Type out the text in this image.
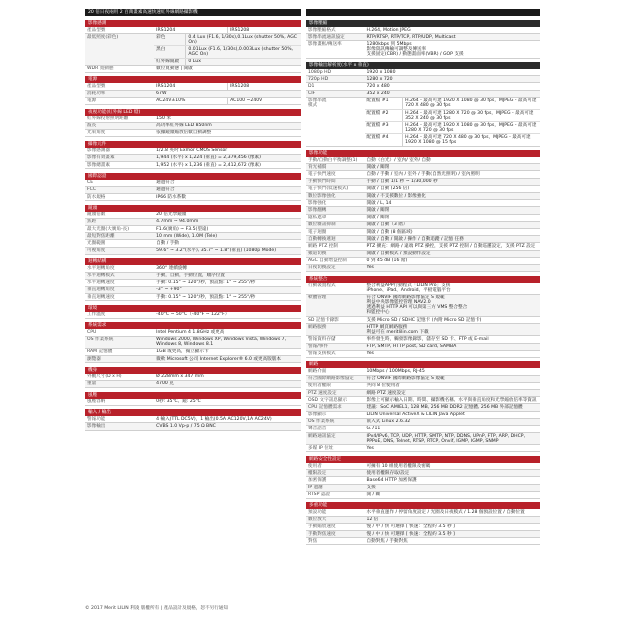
20 倍日夜兩用 2 百萬畫素高速快速紅外線網路攝影機
影像感測
產品型號	IRS1204	IRS1208
最低照度(彩色)	彩色	0.4 Lux (F1.6, 1/30s),0.1Lux (shutter 50%, AGC On)
黑白	0.01Lux (F1.6, 1/30s),0.003Lux (shutter 50%, AGC On)
紅外線開啟	0 Lux
WDR 寬動態	數位寬動態 | 開啟
電源
產品型號	IRS1204	IRS1208
消耗功率	67W
電源	AC24V±10%	AC100 ~240V
夜視功能(紅外線 LED 燈)
紅外線投射照明距離	150 米
波長	高功率紅外線 LED 850nm
光束角度	依據鏡頭縮放倍數自動調整
攝像元件
影像感測器	1/2.8 英吋 Exmor CMOS Sensor
影像有效畫素	1,944 (水平) x 1,224 (垂直) = 2,379,456 (像素)
影像總畫素	1,952 (水平) x 1,236 (垂直) = 2,412,672 (像素)
國際認證
CE	通過符合
FCC	通過符合
防水規格	IP66 防水系數
鏡頭
鏡頭倍數	20 倍光學鏡頭
焦距	4.7mm ~ 94.0mm
最大光圈(大廣角-長)	F1.6(廣角) ~ F3.5(望遠)
最短對焦距離	10 mm (Wide), 1.0M (Tele)
光圈範圍	自動 / 手動
可視角度	59.6° ~ 3.2°(水平), 35.7° ~ 1.8°(垂直) (1080p Mode)
迴轉結構
水平迴轉角度	360° 連續旋轉
水平迴轉模式	手動，自動，手動位置，順序位置
水平迴轉速度	手動: 0.15° ~ 120°/秒，預設點: 1° ~ 255°/秒
垂直迴轉角度	-3° ~ +90°
垂直迴轉速度	手動: 0.15° ~ 120°/秒，預設點: 1° ~ 255°/秒
環境
工作溫度	-40°C ~ 50°C（-40°F ~ 122°F）
系統需求
CPU	Intel Pentium 4 1.8GHz 或更高
OS 作業系統	Windows 2000, Windows XP, Windows Vista, Windows 7, Windows 8, Windows 8.1
RAM 記憶體	1GB 或更高，獨立顯示卡
瀏覽器	微軟 Microsoft 公司 Internet Explorer® 6.0 或更高版版本
機身
外觀尺寸(D x H)	Ø 228mm x 347 mm
重量	4700 克
風壓
風壓容納	0秒: 35℃、鏡: 25℃
輸入 / 輸出
警報功能	4 輸入(TTL DC5V)，1 輸出(0.5A AC120V,1A AC24V)
影像輸出	CVBS 1.0 Vp-p / 75 Ω BNC
影像壓縮
影像壓縮格式	H.264, Motion JPEG
影像串流通訊協定	RTP/RTSP, RTP/TCP, RTP/UDP, Multicast
影像畫框/傳送率	1280kbps 到 5Mbps
影像資訊傳輸可調整及傳送率
支援固定(CBR) / 動態畫面率(VBR) / GOP 支援
影像輸出解析度(水平 x 垂直)
1080p HD	1920 x 1080
720p HD	1280 x 720
D1	720 x 480
CIF	352 x 240
影像串流
模式
配置檔 #1	H.264 - 最高可達 1920 X 1080 @ 30 fps，MJPEG - 最高可達 720 X 480 @ 30 fps
配置檔 #2	H.264 - 最高可達 1280 X 720 @ 30 fps，MJPEG - 最高可達 352 X 240 @ 30 fps
配置檔 #3	H.264 - 最高可達 1920 X 1080 @ 30 fps，MJPEG - 最高可達 1280 X 720 @ 30 fps
配置檔 #4	H.264 - 最高可達 720 X 480 @ 30 fps，MJPEG - 最高可達 1920 X 1080 @ 15 fps
影像功能
手動/自動白平衡調整(1)	自動（白光）/ 室內/ 室外/ 自動
背光補償	開啟 / 關閉
電子快門速度	自動 / 手動 / 室內 / 室外 / 手動(自然光照明) / 室內照明
手動快門時間	手動 / 自動 1/1 秒 ~ 1/30,000 秒
電子快門(低速模式)	開啟 / 自動 (256 倍)
數位影像強化	開啟 / 不支援數位 / 影像強化
影像強化	開啟 / L, 14
影像翻轉	開啟 / 關閉
隱私遮罩	開啟 / 關閉
數位雜訊抑制	開啟 / 自動（3 階）
電子迴圈	開啟 / 自動 (8 個區域)
自動轉換遞迴	開啟 / 自動 / 開啟 / 操作 / 自動追蹤 / 記憶 任務
網路 PTZ 控制	PTZ 擴充：網路 / 遠端 PTZ 操控，支援 PTZ 控制 / 自動巡邏設定，支援 PTZ 設定
頻道切換	開啟 / 自動模式 / 預設動作設定
AGC 自動增益控制	0 到 45 dB (16 階)
日夜切換設定	Yes
系統整合
行動裝置程式	整合利益APP行動程式「LILIN Pro」支援
iPhone、iPad、Android、平板電腦平台
軟體管理	符合 ONVIF 國際網路影像協定 S 規範
利益中央影像監控管理 NAV2.0
透過利益 HTTP API 可以與第三方 VMS 整合整合
和監控中心
SD 記憶卡錄影	支援 Micro SD / SDHC 記憶卡 (內附 Micro SD 記憶卡)
網路服務	HTTP 網頁網路服務
利益可在 meritlilin.com 下載
警報資料存儲	事件發生時，觸發影像錄影，儲存至 SD 卡、FTP 或 E-mail
警報/事件	FTP, SMTP, HTTP post, SD card, SAMBA
警報支援模式	Yes
網路
網路介面	10Mbps / 100Mbps, RJ-45
符合國際網路影像協定	符合 ONVIF 國際網路影像協定 S 規範
使用者權限	共同 8 位使用者
PTZ 速度設定	網路 PTZ 速度設定
OSD 文字訊息顯示	影像上可顯示輸入日期、時間、攝影機名稱、水平與垂直角度和光學縮放倍率等資訊
CPU 記憶體需求	建議：SoC AMIEL1, 128 MB, 256 MB DDR2 記憶體, 256 MB 外部記憶體
影像顯示	LILIN Universal ActiveX & LILIN Java Applet
OS 作業系統	嵌入式 Linux 2.6.32
聲音語音	G.711
網路通訊協定	IPv4/IPv6, TCP, UDP, HTTP, SMTP, NTP, DDNS, UPnP, FTP, ARP, DHCP, PPPoE, DNS, Telnet, RTSP, RTCP, Onvif, IGMP, IGMP, SNMP
多媒 IP 位址	Yes
網路安全性設定
使用者	可擁有 10 組使用者權限及密碼
權限設定	使用者權限存取/設定
加密保護	Base64 HTTP 加密保護
IP 過濾	支援
RTSP 認證	開 / 關
多重功能
預設功能	水平垂直運作 / 停留角度設定 / 光圈及日夜模式 / 1.28 個預設位置 / 自動位置
數位放大	12 倍
手動縮放速度	慢 / 中 / 快 可選擇 [ 快速：全程約 3.5 秒 ]
手動對焦速度	慢 / 中 / 快 可選擇 [ 快速：全程約 3.5 秒 ]
對焦	自動對焦 / 手動對焦
© 2017 Merit LILIN 利凌 版權所有 | 產品設計及規格，恕不另行通知
